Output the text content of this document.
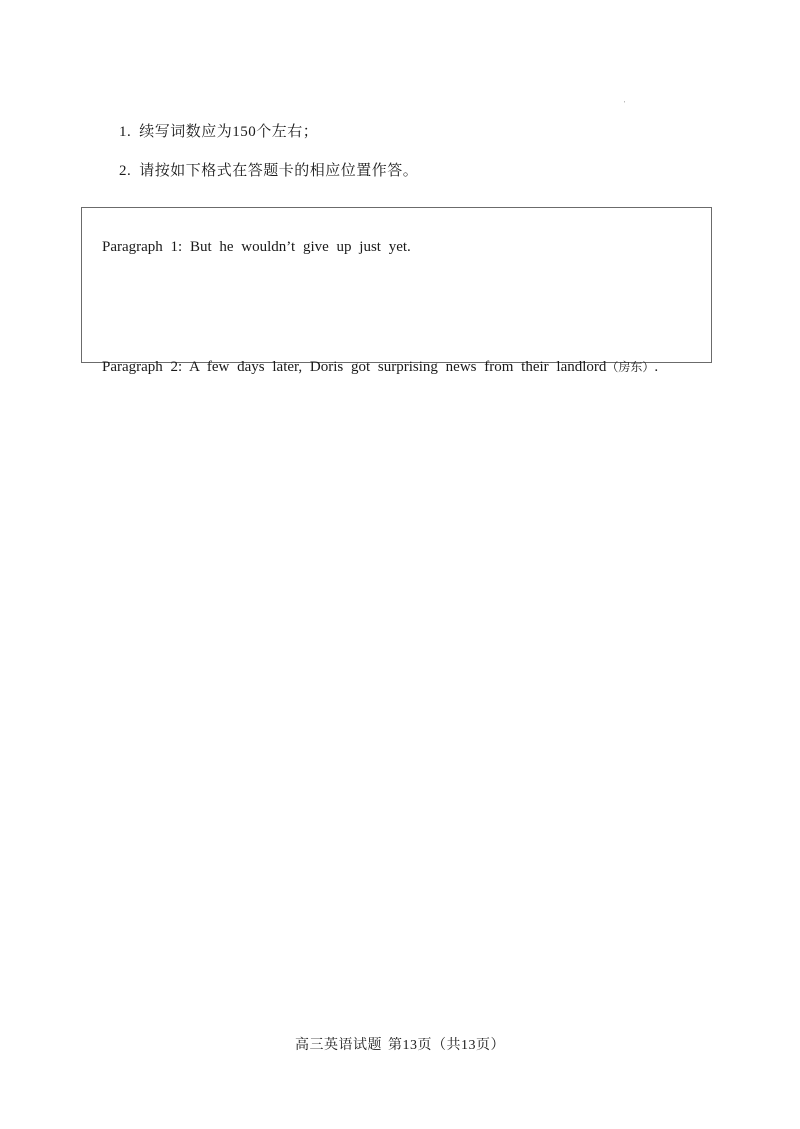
'
1. 续写词数应为150个左右；
2. 请按如下格式在答题卡的相应位置作答。
Paragraph 1: But he wouldn’t give up just yet.
Paragraph 2: A few days later, Doris got surprising news from their landlord（房东）.
高三英语试题 第13页（共13页）
